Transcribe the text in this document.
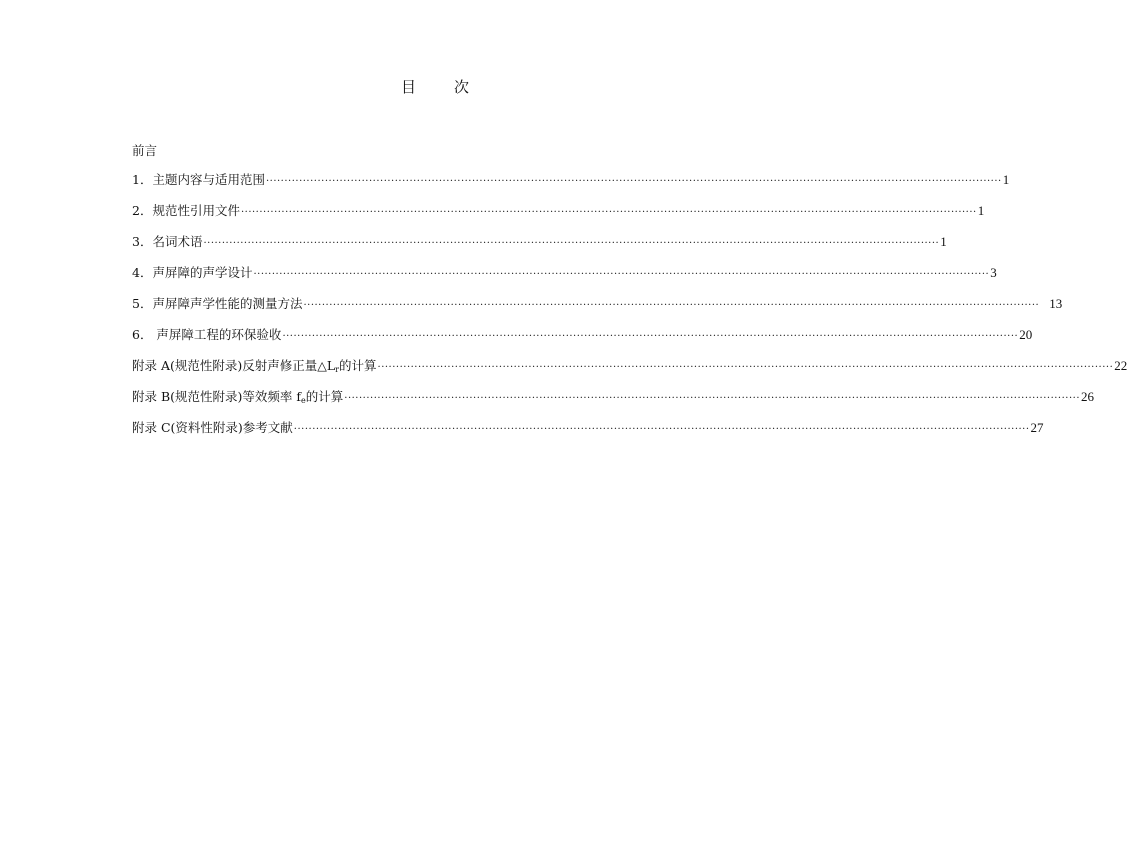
目	次
前言
1．主题内容与适用范围 ········································································································································································································ 1
2．规范性引用文件 ········································································································································································································ 1
3．名词术语 ········································································································································································································ 1
4．声屏障的声学设计 ········································································································································································································ 3
5．声屏障声学性能的测量方法 ········································································································································································································ 13
6． 声屏障工程的环保验收 ········································································································································································································ 20
附录 A(规范性附录)反射声修正量$\triangle L_r$的计算 ········································································································································································································ 22
附录 B(规范性附录)等效频率 $f_e$的计算 ········································································································································································································ 26
附录 C(资料性附录)参考文献 ········································································································································································································ 27
